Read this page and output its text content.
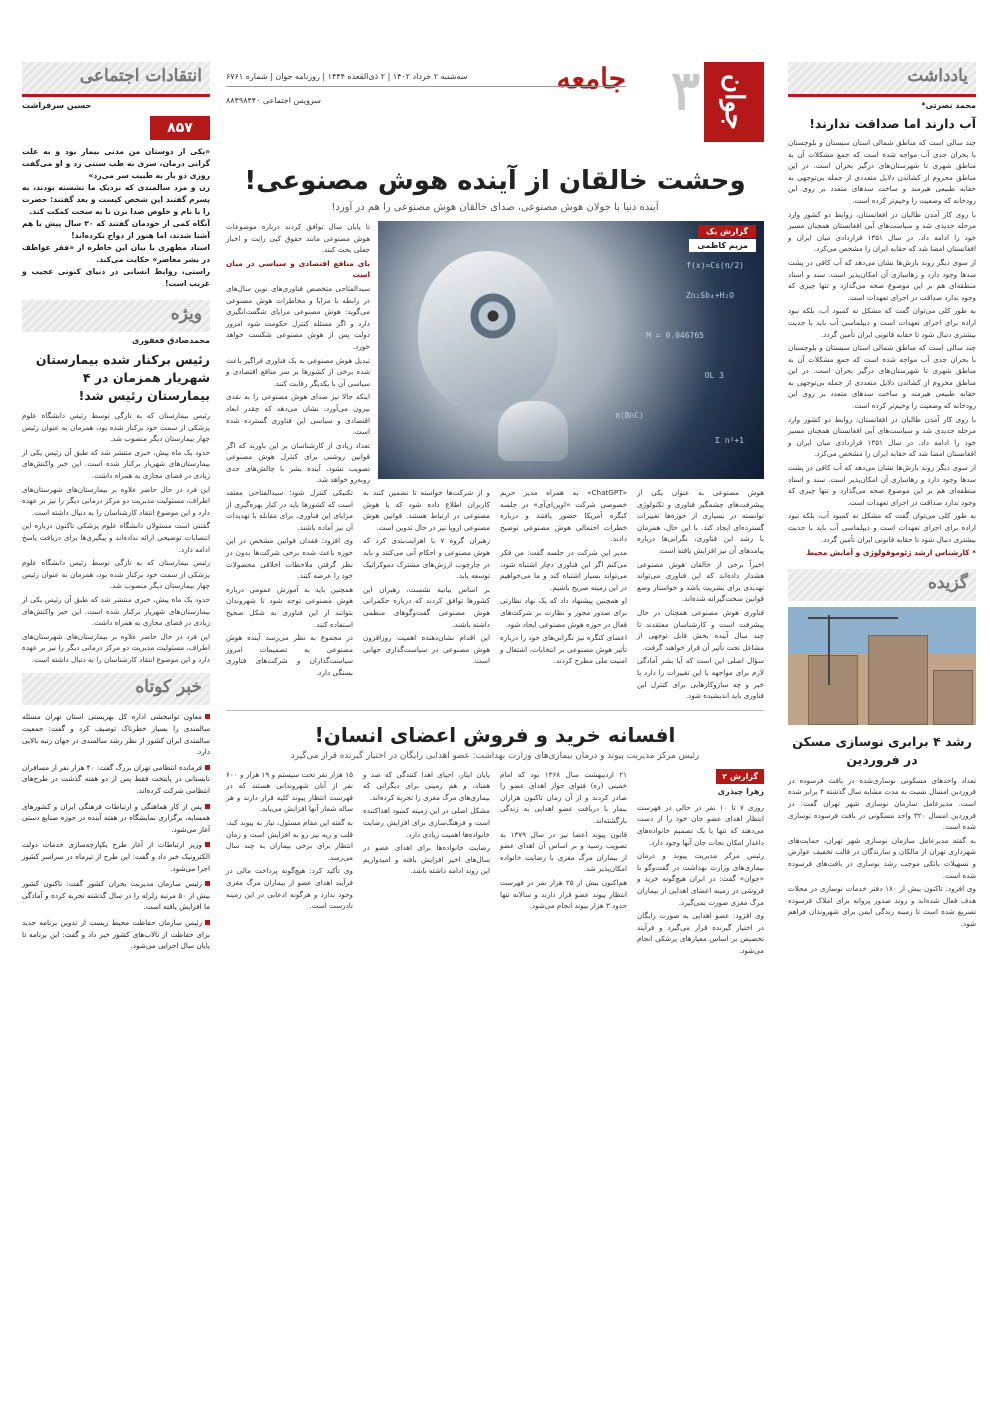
یادداشت
محمد نصرتی*
آب دارند اما صداقت ندارند!

چند سالی است که مناطق شمالی استان سیستان و بلوچستان با بحران جدی آب مواجه شده است که جمع مشکلات آن به مناطق شهری تا شهرستان‌های درگیر بحران است. در این مناطق محروم از کشاندن دلایل متعددی از جمله بی‌توجهی به حقابه طبیعی هیرمند و ساخت سدهای متعدد بر روی این رودخانه که وضعیت را وخیم‌تر کرده است.

با روی کار آمدن طالبان در افغانستان، روابط دو کشور وارد مرحله جدیدی شد و سیاست‌های آبی افغانستان همچنان مسیر خود را ادامه داد. در سال ۱۳۵۱ قراردادی میان ایران و افغانستان امضا شد که حقابه ایران را مشخص می‌کرد.

از سوی دیگر روند بارش‌ها نشان می‌دهد که آب کافی در پشت سدها وجود دارد و رهاسازی آن امکان‌پذیر است. سند و اسناد منطقه‌ای هم بر این موضوع صحه می‌گذارد و تنها چیزی که وجود ندارد صداقت در اجرای تعهدات است.

به طور کلی می‌توان گفت که مشکل نه کمبود آب، بلکه نبود اراده برای اجرای تعهدات است و دیپلماسی آب باید با جدیت بیشتری دنبال شود تا حقابه قانونی ایران تأمین گردد.

چند سالی است که مناطق شمالی استان سیستان و بلوچستان با بحران جدی آب مواجه شده است که جمع مشکلات آن به مناطق شهری تا شهرستان‌های درگیر بحران است. در این مناطق محروم از کشاندن دلایل متعددی از جمله بی‌توجهی به حقابه طبیعی هیرمند و ساخت سدهای متعدد بر روی این رودخانه که وضعیت را وخیم‌تر کرده است.

با روی کار آمدن طالبان در افغانستان، روابط دو کشور وارد مرحله جدیدی شد و سیاست‌های آبی افغانستان همچنان مسیر خود را ادامه داد. در سال ۱۳۵۱ قراردادی میان ایران و افغانستان امضا شد که حقابه ایران را مشخص می‌کرد.

از سوی دیگر روند بارش‌ها نشان می‌دهد که آب کافی در پشت سدها وجود دارد و رهاسازی آن امکان‌پذیر است. سند و اسناد منطقه‌ای هم بر این موضوع صحه می‌گذارد و تنها چیزی که وجود ندارد صداقت در اجرای تعهدات است.

به طور کلی می‌توان گفت که مشکل نه کمبود آب، بلکه نبود اراده برای اجرای تعهدات است و دیپلماسی آب باید با جدیت بیشتری دنبال شود تا حقابه قانونی ایران تأمین گردد.

* کارشناس ارشد ژئوموفولوژی و آمایش محیط

گزیده
رشد ۴ برابری نوسازی مسکن در فروردین

تعداد واحدهای مسکونی نوسازی‌شده در بافت فرسوده در فروردین امسال نسبت به مدت مشابه سال گذشته ۴ برابر شده است. مدیرعامل سازمان نوسازی شهر تهران گفت: در فروردین امسال ۳۲۰ واحد مسکونی در بافت فرسوده نوسازی شده است.

به گفته مدیرعامل سازمان نوسازی شهر تهران، حمایت‌های شهرداری تهران از مالکان و سازندگان در قالب تخفیف عوارض و تسهیلات بانکی موجب رشد نوسازی در بافت‌های فرسوده شده است.

وی افزود: تاکنون بیش از ۱۸۰ دفتر خدمات نوسازی در محلات هدف فعال شده‌اند و روند صدور پروانه برای املاک فرسوده تسریع شده است تا زمینه زندگی ایمن برای شهروندان فراهم شود.

انتقادات اجتماعی
حسین سرفراشت
۸۵۷

«یکی از دوستان من مدتی بیمار بود و به علت گرانی درمان، سری به طب سنتی زد و او می‌گفت روزی دو بار به طبیب سر می‌زد»

زن و مرد سالمندی که نزدیک ما نشسته بودند، به پسرم گفتند این شخص کیست و بعد گفتند: حضرت را با نام و خلوص صدا بزن تا به سخت کمکت کند.

آنگاه کمی از خودمان گفتند که ۳۰ سال پیش با هم آشنا شدند، اما هنوز از دواج نکرده‌اند!

استاد مطهری با بیان این خاطره از «فقر عواطف در بشر معاصر» حکایت می‌کند.

راستی، روابط انسانی در دنیای کنونی عجیب و غریب است!

ویژه
محمدصادق فغفوری
رئیس برکنار شده بیمارستان شهریار همزمان در ۴ بیمارستان رئیس شد!

رئیس بیمارستان که به تازگی توسط رئیس دانشگاه علوم پزشکی از سمت خود برکنار شده بود، همزمان به عنوان رئیس چهار بیمارستان دیگر منصوب شد.

حدود یک ماه پیش، خبری منتشر شد که طبق آن رئیس یکی از بیمارستان‌های شهریار برکنار شده است. این خبر واکنش‌های زیادی در فضای مجازی به همراه داشت.

این فرد در حال حاضر علاوه بر بیمارستان‌های شهرستان‌های اطراف، مسئولیت مدیریت دو مرکز درمانی دیگر را نیز بر عهده دارد و این موضوع انتقاد کارشناسان را به دنبال داشته است.

گفتنی است مسئولان دانشگاه علوم پزشکی تاکنون درباره این انتصابات توضیحی ارائه نداده‌اند و پیگیری‌ها برای دریافت پاسخ ادامه دارد.

رئیس بیمارستان که به تازگی توسط رئیس دانشگاه علوم پزشکی از سمت خود برکنار شده بود، همزمان به عنوان رئیس چهار بیمارستان دیگر منصوب شد.

حدود یک ماه پیش، خبری منتشر شد که طبق آن رئیس یکی از بیمارستان‌های شهریار برکنار شده است. این خبر واکنش‌های زیادی در فضای مجازی به همراه داشت.

این فرد در حال حاضر علاوه بر بیمارستان‌های شهرستان‌های اطراف، مسئولیت مدیریت دو مرکز درمانی دیگر را نیز بر عهده دارد و این موضوع انتقاد کارشناسان را به دنبال داشته است.

خبر کوتاه
معاون توانبخشی اداره کل بهزیستی استان تهران مسئله سالمندی را بسیار خطرناک توصیف کرد و گفت: جمعیت سالمندی ایران کشور از نظر رشد سالمندی در جهان رتبه بالایی دارد.
فرمانده انتظامی تهران بزرگ گفت: ۴۰ هزار نفر از مسافران تابستانی در پایتخت فقط پس از دو هفته گذشت در طرح‌های انتظامی شرکت کرده‌اند.
پس از کار هماهنگی و ارتباطات فرهنگی ایران و کشورهای همسایه، برگزاری نمایشگاه در هفته آینده در حوزه صنایع دستی آغاز می‌شود.
وزیر ارتباطات از آغاز طرح یکپارچه‌سازی خدمات دولت الکترونیک خبر داد و گفت: این طرح از تیرماه در سراسر کشور اجرا می‌شود.
رئیس سازمان مدیریت بحران کشور گفت: تاکنون کشور بیش از ۵۰ مرتبه زلزله را در سال گذشته تجربه کرده و آمادگی ما افزایش یافته است.
رئیس سازمان حفاظت محیط زیست از تدوین برنامه جدید برای حفاظت از تالاب‌های کشور خبر داد و گفت: این برنامه تا پایان سال اجرایی می‌شود.
جوان
۳
جامعه
سه‌شنبه ۲ خرداد ۱۴۰۲ | ۲ ذی‌القعده ۱۴۴۴ | روزنامه جوان | شماره ۶۷۶۱
سرویس اجتماعی ۸۸۴۹۸۴۴۰
وحشت خالقان از آینده هوش مصنوعی!
آینده دنیا با جولان هوش مصنوعی، صدای خالقان هوش مصنوعی را هم در آورد!
f(x)=Cs(π/2)
Zn₂Sb₄+H₂O
M = 0.046765
3 OL
π(B∩C)
Σ n²+1
گزارش یک
مریم کاظمی

تا پایان سال توافق کردند درباره موضوعات هوش مصنوعی مانند حقوق کپی رایت و اخبار جعلی بحث کنند.

بای منافع اقتصادی و سیاسی در میان است

سیدالفتاحی متخصص فناوری‌های نوین سال‌های در رابطه با مزایا و مخاطرات هوش مصنوعی می‌گوید: هوش مصنوعی مزایای شگفت‌انگیزی دارد و اگر مسئله کنترل حکومت شود امروز دولت پس از هوش مصنوعی شکست خواهد خورد.

تبدیل هوش مصنوعی به یک فناوری فراگیر باعث شده برخی از کشورها بر سر منافع اقتصادی و سیاسی آن با یکدیگر رقابت کنند.

اینکه حالا نیز صدای هوش مصنوعی را به نقدی بیرون می‌آورد، نشان می‌دهد که چقدر ابعاد اقتصادی و سیاسی این فناوری گسترده شده است.

تعداد زیادی از کارشناسان بر این باورند که اگر قوانین روشنی برای کنترل هوش مصنوعی تصویب نشود، آینده بشر با چالش‌های جدی روبه‌رو خواهد شد.

هوش مصنوعی به عنوان یکی از پیشرفت‌های چشمگیر فناوری و تکنولوژی توانسته در بسیاری از حوزه‌ها تغییرات گسترده‌ای ایجاد کند. با این حال، همزمان با رشد این فناوری، نگرانی‌ها درباره پیامدهای آن نیز افزایش یافته است.

اخیراً برخی از خالقان هوش مصنوعی هشدار داده‌اند که این فناوری می‌تواند تهدیدی برای بشریت باشد و خواستار وضع قوانین سخت‌گیرانه شده‌اند.

فناوری هوش مصنوعی همچنان در حال پیشرفت است و کارشناسان معتقدند تا چند سال آینده بخش قابل توجهی از مشاغل تحت تأثیر آن قرار خواهند گرفت.

سؤال اصلی این است که آیا بشر آمادگی لازم برای مواجهه با این تغییرات را دارد یا خیر و چه سازوکارهایی برای کنترل این فناوری باید اندیشیده شود.

«ChatGPT» به همراه مدیر حریم خصوصی شرکت «اوپن‌ای‌آی» در جلسه کنگره آمریکا حضور یافتند و درباره خطرات احتمالی هوش مصنوعی توضیح دادند.

مدیر این شرکت در جلسه گفت: من فکر می‌کنم اگر این فناوری دچار اشتباه شود، می‌تواند بسیار اشتباه کند و ما می‌خواهیم در این زمینه صریح باشیم.

او همچنین پیشنهاد داد که یک نهاد نظارتی برای صدور مجوز و نظارت بر شرکت‌های فعال در حوزه هوش مصنوعی ایجاد شود.

اعضای کنگره نیز نگرانی‌های خود را درباره تأثیر هوش مصنوعی بر انتخابات، اشتغال و امنیت ملی مطرح کردند.

و از شرکت‌ها خواسته تا تضمین کنند به کاربران اطلاع داده شود که با هوش مصنوعی در ارتباط هستند. قوانین هوش مصنوعی اروپا نیز در حال تدوین است.

رهبران گروه ۷ با اهرایت‌بندی کرد که هوش مصنوعی و احکام آنی می‌کنند و باید در چارچوب ارزش‌های مشترک دموکراتیک توسعه یابد.

بر اساس بیانیه نشست، رهبران این کشورها توافق کردند که درباره حکمرانی هوش مصنوعی گفت‌وگوهای منظمی داشته باشند.

این اقدام نشان‌دهنده اهمیت روزافزون هوش مصنوعی در سیاست‌گذاری جهانی است.

تکنیکی کنترل شود؛ سیدالفتاحی معتقد است که کشورها باید در کنار بهره‌گیری از مزایای این فناوری، برای مقابله با تهدیدات آن نیز آماده باشند.

وی افزود: فقدان قوانین مشخص در این حوزه باعث شده برخی شرکت‌ها بدون در نظر گرفتن ملاحظات اخلاقی محصولات خود را عرضه کنند.

همچنین باید به آموزش عمومی درباره هوش مصنوعی توجه شود تا شهروندان بتوانند از این فناوری به شکل صحیح استفاده کنند.

در مجموع به نظر می‌رسد آینده هوش مصنوعی به تصمیمات امروز سیاست‌گذاران و شرکت‌های فناوری بستگی دارد.

افسانه خرید و فروش اعضای انسان!
رئیس مرکز مدیریت پیوند و درمان بیماری‌های وزارت بهداشت: عضو اهدایی رایگان در اختیار گیرنده قرار می‌گیرد
گزارش ۲
زهرا چیذری

روزی ۷ تا ۱۰ نفر در حالی در فهرست انتظار اهدای عضو جان خود را از دست می‌دهند که تنها با یک تصمیم خانواده‌های داغدار امکان نجات جان آنها وجود دارد.

رئیس مرکز مدیریت پیوند و درمان بیماری‌های وزارت بهداشت در گفت‌وگو با «جوان» گفت: در ایران هیچ‌گونه خرید و فروشی در زمینه اعضای اهدایی از بیماران مرگ مغزی صورت نمی‌گیرد.

وی افزود: عضو اهدایی به صورت رایگان در اختیار گیرنده قرار می‌گیرد و فرآیند تخصیص بر اساس معیارهای پزشکی انجام می‌شود.

۲۱ اردیبهشت سال ۱۳۶۸ بود که امام خمینی (ره) فتوای جواز اهدای عضو را صادر کردند و از آن زمان تاکنون هزاران بیمار با دریافت عضو اهدایی به زندگی بازگشته‌اند.

قانون پیوند اعضا نیز در سال ۱۳۷۹ به تصویب رسید و بر اساس آن اهدای عضو از بیماران مرگ مغزی با رضایت خانواده امکان‌پذیر شد.

هم‌اکنون بیش از ۲۵ هزار نفر در فهرست انتظار پیوند عضو قرار دارند و سالانه تنها حدود ۳ هزار پیوند انجام می‌شود.

پایان ایثار، احیای اهدا کنندگی که صد و هفتاد، و هم زمینی برای دیگرانی که بیماری‌های مرگ مغزی را تجربه کرده‌اند.

مشکل اصلی در این زمینه کمبود اهداکننده است و فرهنگ‌سازی برای افزایش رضایت خانواده‌ها اهمیت زیادی دارد.

رضایت خانواده‌ها برای اهدای عضو در سال‌های اخیر افزایش یافته و امیدواریم این روند ادامه داشته باشد.

۱۵ هزار نفر تحت سیستم و ۱۹ هزار و ۶۰۰ نفر از آنان شهروندانی هستند که در فهرست انتظار پیوند کلیه قرار دارند و هر ساله شمار آنها افزایش می‌یابد.

به گفته این مقام مسئول، نیاز به پیوند کبد، قلب و ریه نیز رو به افزایش است و زمان انتظار برای برخی بیماران به چند سال می‌رسد.

وی تأکید کرد: هیچ‌گونه پرداخت مالی در فرآیند اهدای عضو از بیماران مرگ مغزی وجود ندارد و هرگونه ادعایی در این زمینه نادرست است.
